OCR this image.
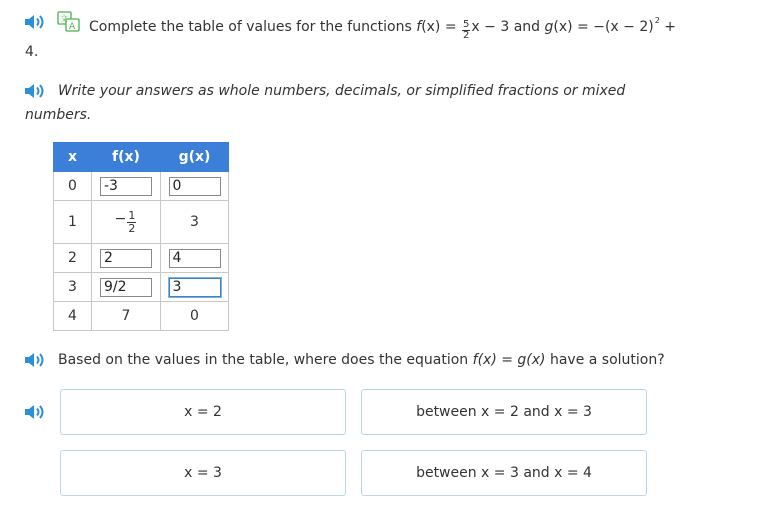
文
A Complete the table of values for the functions $f(x) = \frac{5}{2}$ x − 3 and $g(x) = -(x - 2)^2$ +
4.
Write your answers as whole numbers, decimals, or simplified fractions or mixed
numbers.
x	f(x)	g(x)
0	-3	0

1	− $\frac{1}{2}$	3
2	2	4

3	9/2	3

4	7	0
Based on the values in the table, where does the equation f(x) = g(x) have a solution?
x = 2	between x = 2 and x = 3
x = 3	between x = 3 and x = 4
